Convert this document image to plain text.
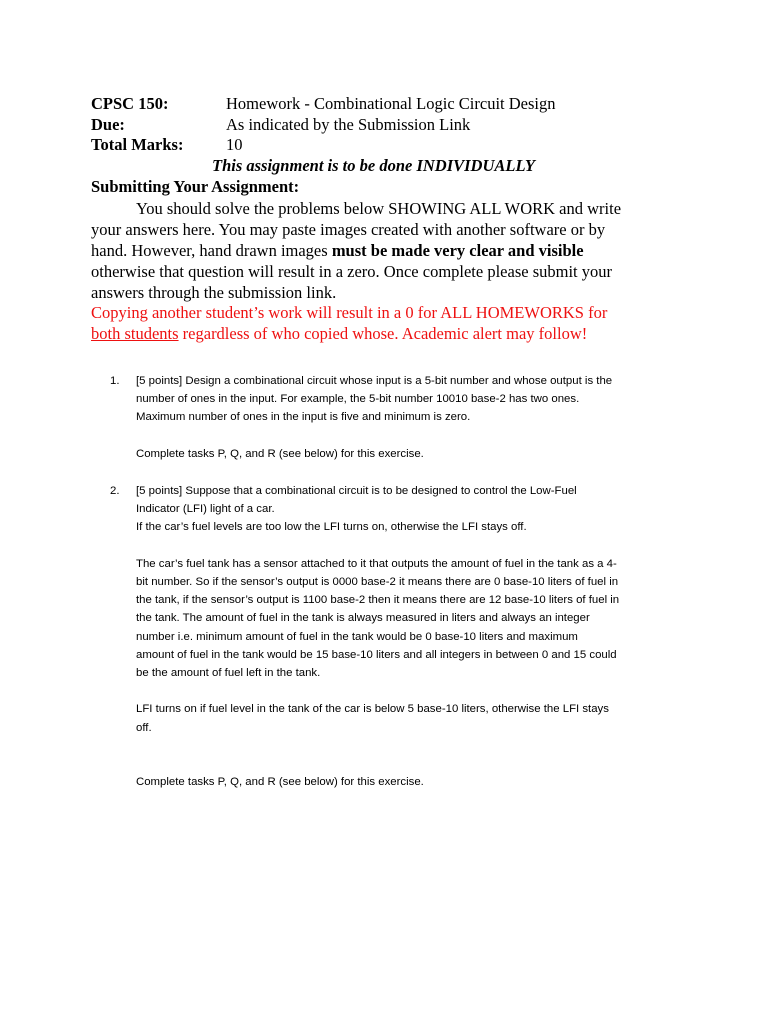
CPSC 150:	Homework - Combinational Logic Circuit Design
Due:	As indicated by the Submission Link
Total Marks:	10
This assignment is to be done INDIVIDUALLY
Submitting Your Assignment:
You should solve the problems below SHOWING ALL WORK and write
your answers here. You may paste images created with another software or by
hand. However, hand drawn images must be made very clear and visible
otherwise that question will result in a zero. Once complete please submit your
answers through the submission link.
Copying another student’s work will result in a 0 for ALL HOMEWORKS for
both students regardless of who copied whose. Academic alert may follow!
1. [5 points] Design a combinational circuit whose input is a 5-bit number and whose output is the
number of ones in the input. For example, the 5-bit number 10010 base-2 has two ones.
Maximum number of ones in the input is five and minimum is zero.
Complete tasks P, Q, and R (see below) for this exercise.
2. [5 points] Suppose that a combinational circuit is to be designed to control the Low-Fuel
Indicator (LFI) light of a car.
If the car’s fuel levels are too low the LFI turns on, otherwise the LFI stays off.
The car’s fuel tank has a sensor attached to it that outputs the amount of fuel in the tank as a 4-
bit number. So if the sensor’s output is 0000 base-2 it means there are 0 base-10 liters of fuel in
the tank, if the sensor’s output is 1100 base-2 then it means there are 12 base-10 liters of fuel in
the tank. The amount of fuel in the tank is always measured in liters and always an integer
number i.e. minimum amount of fuel in the tank would be 0 base-10 liters and maximum
amount of fuel in the tank would be 15 base-10 liters and all integers in between 0 and 15 could
be the amount of fuel left in the tank.
LFI turns on if fuel level in the tank of the car is below 5 base-10 liters, otherwise the LFI stays
off.
Complete tasks P, Q, and R (see below) for this exercise.
